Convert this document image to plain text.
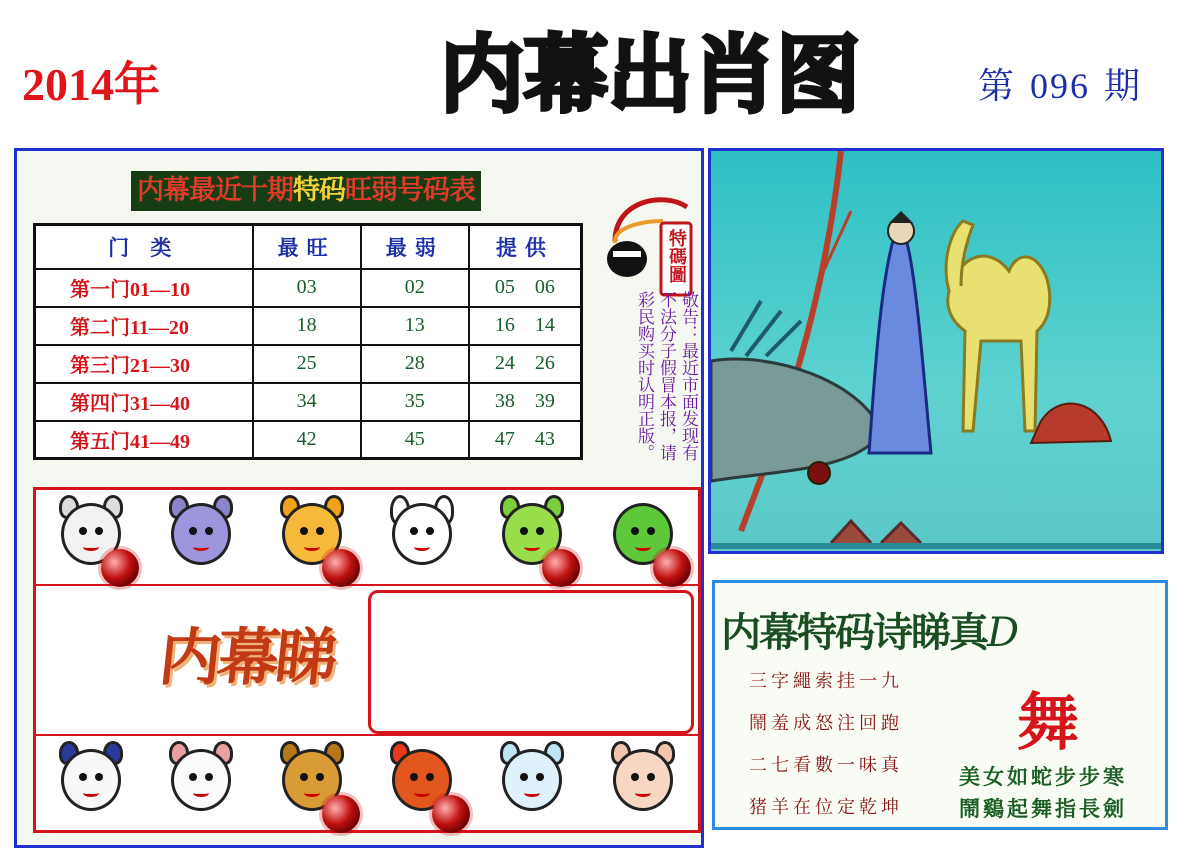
2014年	内 幕 出 肖 图	第 096 期
内幕最近十期特码旺弱号码表
门 类	最旺	最弱	提供
第一门01—10	03	02	05 06
第二门11—20	18	13	16 14
第三门21—30	25	28	24 26
第四门31—40	34	35	38 39
第五门41—49	42	45	47 43
特碼圖
敬告：最近市面发现有不法分子假冒本报，请彩民购买时认明正版。
内幕睇	内幕特码诗睇真D
舞
三字繩索挂一九
鬧羞成怒注回跑
二七看數一味真
猪羊在位定乾坤
美女如蛇步步寒
鬧鷄起舞指長劍
